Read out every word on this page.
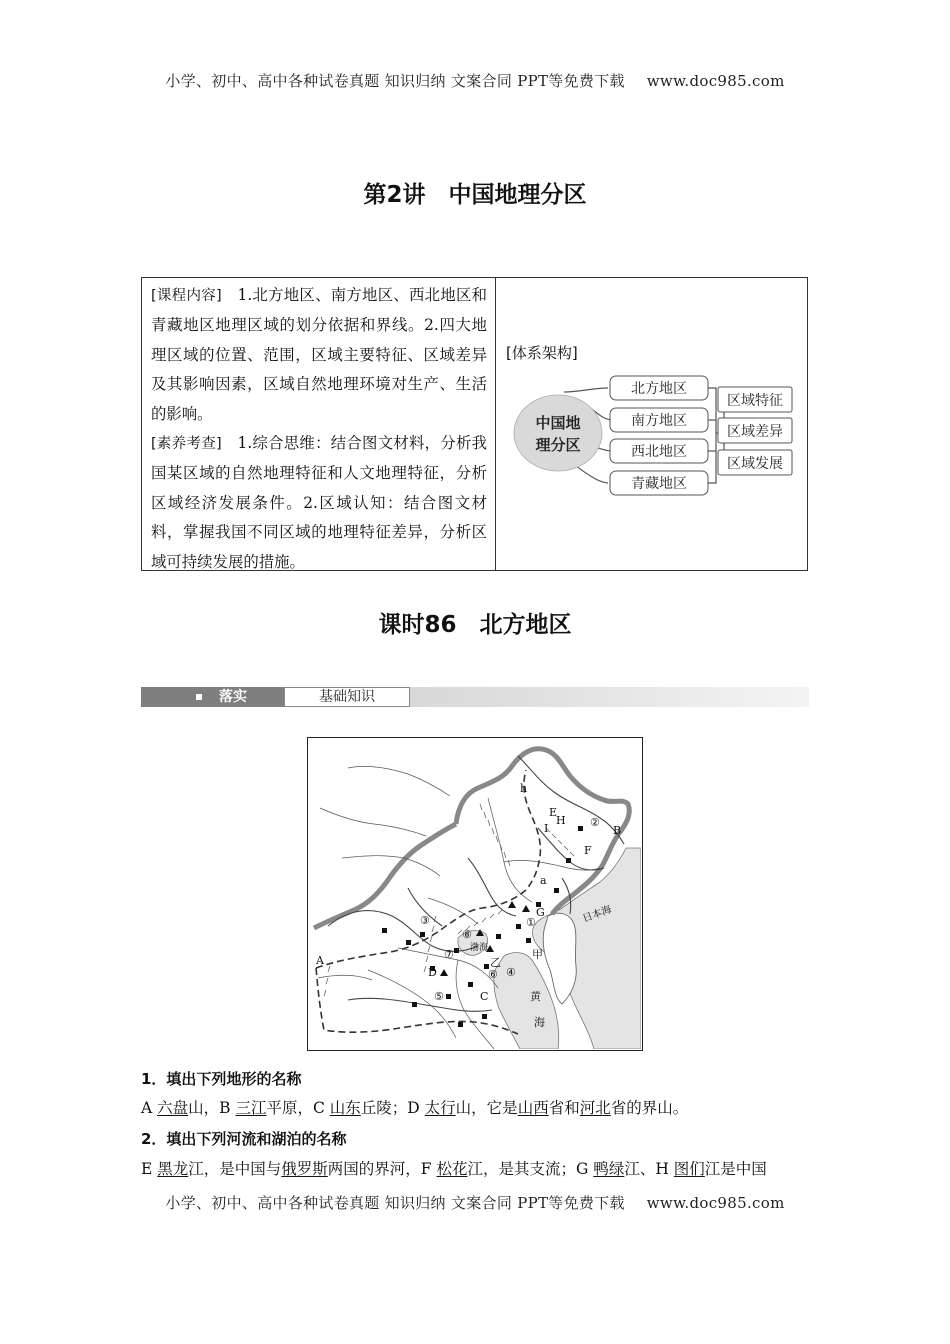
小学、初中、高中各种试卷真题 知识归纳 文案合同 PPT等免费下载 www.doc985.com
第2讲　中国地理分区
[课程内容]　1.北方地区、南方地区、西北地区和青藏地区地理区域的划分依据和界线。2.四大地理区域的位置、范围，区域主要特征、区域差异及其影响因素，区域自然地理环境对生产、生活的影响。
[素养考查]　1.综合思维：结合图文材料，分析我国某区域的自然地理特征和人文地理特征，分析区域经济发展条件。2.区域认知：结合图文材料，掌握我国不同区域的地理特征差异，分析区域可持续发展的措施。
[体系架构]
中国地
理分区
北方地区
南方地区
西北地区
青藏地区
区域特征
区域差异
区域发展
课时86　北方地区
落实	基础知识
E
H
B
I
F
a
h
G
D
C
A
②
③	①
④
⑤
⑥
⑦
⑧
甲
乙
渤海
日本海
黄
海
1．填出下列地形的名称
A 六盘山，B 三江平原，C 山东丘陵；D 太行山，它是山西省和河北省的界山。
2．填出下列河流和湖泊的名称
E 黑龙江，是中国与俄罗斯两国的界河，F 松花江，是其支流；G 鸭绿江、H 图们江是中国
小学、初中、高中各种试卷真题 知识归纳 文案合同 PPT等免费下载 www.doc985.com
